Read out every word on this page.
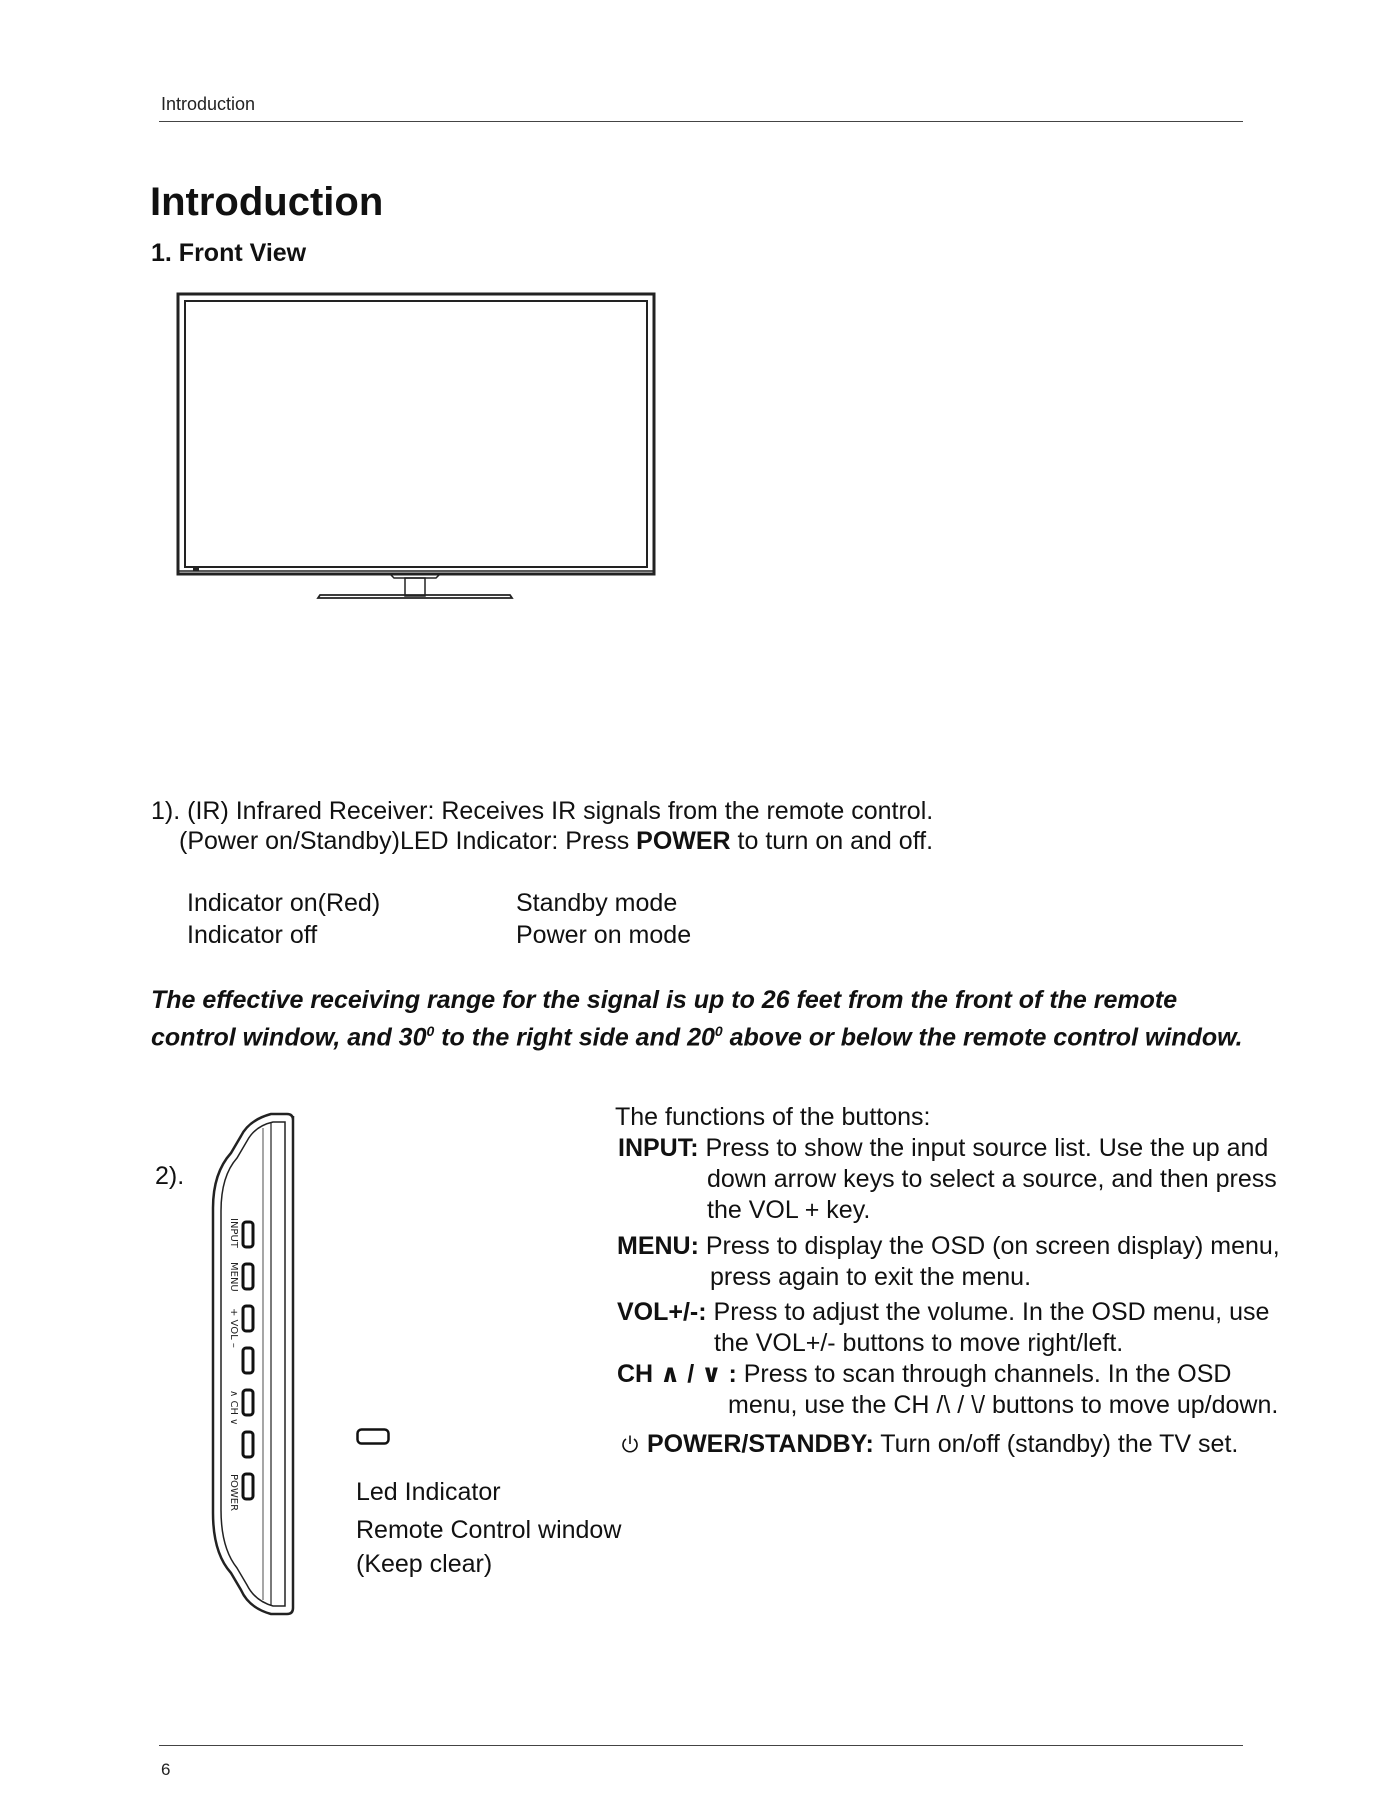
Introduction
Introduction
1. Front View
1). (IR) Infrared Receiver: Receives IR signals from the remote control.
(Power on/Standby)LED Indicator: Press POWER to turn on and off.
Indicator on(Red)	Standby mode
Indicator off	Power on mode
The effective receiving range for the signal is up to 26 feet from the front of the remote control window, and $30^0$ to the right side and $20^0$ above or below the remote control window.
2).
INPUT
MENU
+ VOL –
∧ CH ∨
POWER	Led Indicator
Remote Control window
(Keep clear)
The functions of the buttons:
INPUT: Press to show the input source list. Use the up and
down arrow keys to select a source, and then press
the VOL + key.
MENU: Press to display the OSD (on screen display) menu,
press again to exit the menu.
VOL+/-: Press to adjust the volume. In the OSD menu, use
the VOL+/- buttons to move right/left.
CH ∧ / ∨ : Press to scan through channels. In the OSD
menu, use the CH /\ / \/ buttons to move up/down.
POWER/STANDBY: Turn on/off (standby) the TV set.
6
